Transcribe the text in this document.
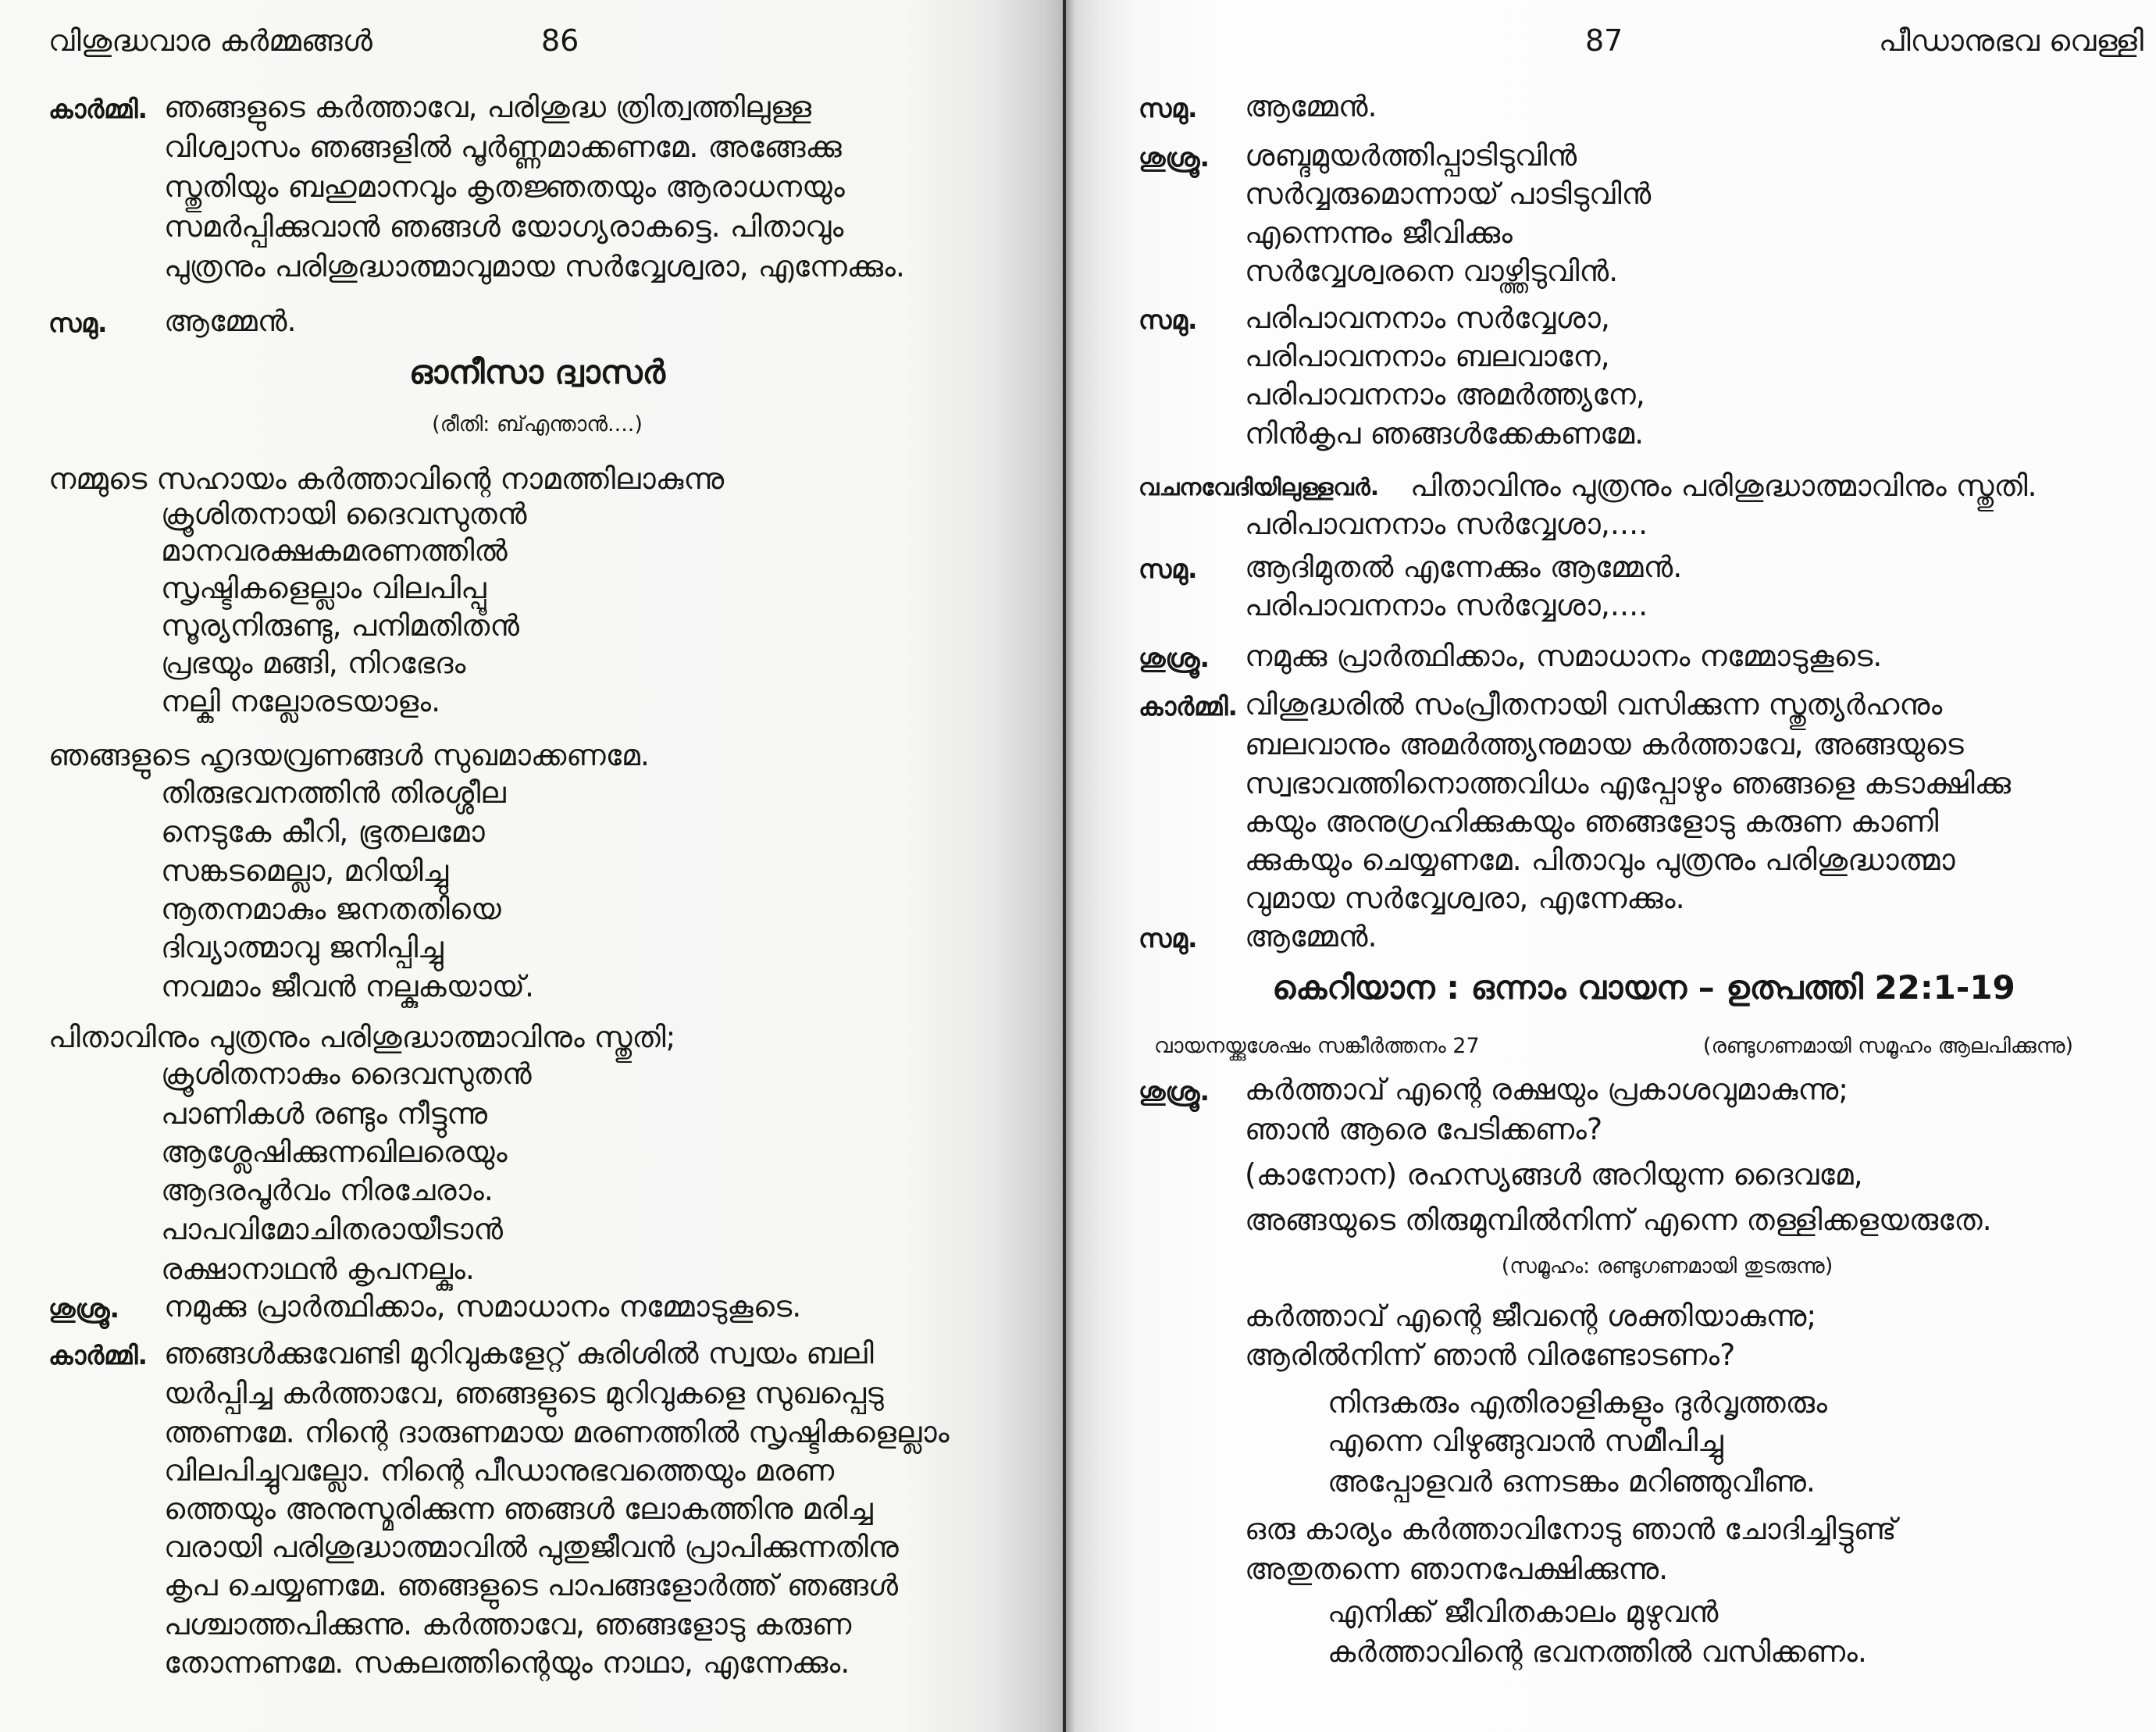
വിശുദ്ധവാര കർമ്മങ്ങൾ	86
കാർമ്മി. ഞങ്ങളുടെ കർത്താവേ, പരിശുദ്ധ ത്രിത്വത്തിലുള്ള
വിശ്വാസം ഞങ്ങളിൽ പൂർണ്ണമാക്കണമേ. അങ്ങേക്കു
സ്തുതിയും ബഹുമാനവും കൃതജ്ഞതയും ആരാധനയും
സമർപ്പിക്കുവാൻ ഞങ്ങൾ യോഗ്യരാകട്ടെ. പിതാവും
പുത്രനും പരിശുദ്ധാത്മാവുമായ സർവ്വേശ്വരാ, എന്നേക്കും.
സമു. ആമ്മേൻ.
ഓനീസാ ദ്വാസർ
(രീതി: ബ്എന്താൻ....)
നമ്മുടെ സഹായം കർത്താവിന്റെ നാമത്തിലാകുന്നു
ക്രൂശിതനായി ദൈവസുതൻ
മാനവരക്ഷകമരണത്തിൽ
സൃഷ്ടികളെല്ലാം വിലപിപ്പൂ
സൂര്യനിരുണ്ടു, പനിമതിതൻ
പ്രഭയും മങ്ങി, നിറഭേദം
നല്കി നല്ലോരടയാളം.
ഞങ്ങളുടെ ഹൃദയവ്രണങ്ങൾ സുഖമാക്കണമേ.
തിരുഭവനത്തിൻ തിരശ്ശീല
നെടുകേ കീറി, ഭൂതലമോ
സങ്കടമെല്ലാ, മറിയിച്ചു
നൂതനമാകും ജനതതിയെ
ദിവ്യാത്മാവു ജനിപ്പിച്ചു
നവമാം ജീവൻ നല്കുകയായ്.
പിതാവിനും പുത്രനും പരിശുദ്ധാത്മാവിനും സ്തുതി;
ക്രൂശിതനാകും ദൈവസുതൻ
പാണികൾ രണ്ടും നീട്ടുന്നു
ആശ്ലേഷിക്കുന്നഖിലരെയും
ആദരപൂർവം നിരചേരാം.
പാപവിമോചിതരായീടാൻ
രക്ഷാനാഥൻ കൃപനല്കും.
ശുശ്രൂ. നമുക്കു പ്രാർത്ഥിക്കാം, സമാധാനം നമ്മോടുകൂടെ.
കാർമ്മി. ഞങ്ങൾക്കുവേണ്ടി മുറിവുകളേറ്റ് കുരിശിൽ സ്വയം ബലി
യർപ്പിച്ച കർത്താവേ, ഞങ്ങളുടെ മുറിവുകളെ സുഖപ്പെടു
ത്തണമേ. നിന്റെ ദാരുണമായ മരണത്തിൽ സൃഷ്ടികളെല്ലാം
വിലപിച്ചുവല്ലോ. നിന്റെ പീഡാനുഭവത്തെയും മരണ
ത്തെയും അനുസ്മരിക്കുന്ന ഞങ്ങൾ ലോകത്തിനു മരിച്ച
വരായി പരിശുദ്ധാത്മാവിൽ പുതുജീവൻ പ്രാപിക്കുന്നതിനു
കൃപ ചെയ്യണമേ. ഞങ്ങളുടെ പാപങ്ങളോർത്ത് ഞങ്ങൾ
പശ്ചാത്തപിക്കുന്നു. കർത്താവേ, ഞങ്ങളോടു കരുണ
തോന്നണമേ. സകലത്തിന്റെയും നാഥാ, എന്നേക്കും.
87	പീഡാനുഭവ വെള്ളി
സമു. ആമ്മേൻ.
ശുശ്രൂ. ശബ്ദമുയർത്തിപ്പാടിടുവിൻ
സർവ്വരുമൊന്നായ് പാടിടുവിൻ
എന്നെന്നും ജീവിക്കും
സർവ്വേശ്വരനെ വാഴ്ത്തിടുവിൻ.
സമു. പരിപാവനനാം സർവ്വേശാ,
പരിപാവനനാം ബലവാനേ,
പരിപാവനനാം അമർത്ത്യനേ,
നിൻകൃപ ഞങ്ങൾക്കേകണമേ.
വചനവേദിയിലുള്ളവർ. പിതാവിനും പുത്രനും പരിശുദ്ധാത്മാവിനും സ്തുതി.
പരിപാവനനാം സർവ്വേശാ,....
സമു. ആദിമുതൽ എന്നേക്കും ആമ്മേൻ.
പരിപാവനനാം സർവ്വേശാ,....
ശുശ്രൂ. നമുക്കു പ്രാർത്ഥിക്കാം, സമാധാനം നമ്മോടുകൂടെ.
കാർമ്മി. വിശുദ്ധരിൽ സംപ്രീതനായി വസിക്കുന്ന സ്തുത്യർഹനും
ബലവാനും അമർത്ത്യനുമായ കർത്താവേ, അങ്ങയുടെ
സ്വഭാവത്തിനൊത്തവിധം എപ്പോഴും ഞങ്ങളെ കടാക്ഷിക്കു
കയും അനുഗ്രഹിക്കുകയും ഞങ്ങളോടു കരുണ കാണി
ക്കുകയും ചെയ്യണമേ. പിതാവും പുത്രനും പരിശുദ്ധാത്മാ
വുമായ സർവ്വേശ്വരാ, എന്നേക്കും.
സമു. ആമ്മേൻ.
കെറിയാന : ഒന്നാം വായന – ഉത്പത്തി 22:1-19
വായനയ്ക്കുശേഷം സങ്കീർത്തനം 27	(രണ്ടുഗണമായി സമൂഹം ആലപിക്കുന്നു)
ശുശ്രൂ. കർത്താവ് എന്റെ രക്ഷയും പ്രകാശവുമാകുന്നു;
ഞാൻ ആരെ പേടിക്കണം?
(കാനോന) രഹസ്യങ്ങൾ അറിയുന്ന ദൈവമേ,
അങ്ങയുടെ തിരുമുമ്പിൽനിന്ന് എന്നെ തള്ളിക്കളയരുതേ.
(സമൂഹം: രണ്ടുഗണമായി തുടരുന്നു)
കർത്താവ് എന്റെ ജീവന്റെ ശക്തിയാകുന്നു;
ആരിൽനിന്ന് ഞാൻ വിരണ്ടോടണം?
നിന്ദകരും എതിരാളികളും ദുർവൃത്തരും
എന്നെ വിഴുങ്ങുവാൻ സമീപിച്ചു
അപ്പോളവർ ഒന്നടങ്കം മറിഞ്ഞുവീണു.
ഒരു കാര്യം കർത്താവിനോടു ഞാൻ ചോദിച്ചിട്ടുണ്ട്
അതുതന്നെ ഞാനപേക്ഷിക്കുന്നു.
എനിക്ക് ജീവിതകാലം മുഴുവൻ
കർത്താവിന്റെ ഭവനത്തിൽ വസിക്കണം.
